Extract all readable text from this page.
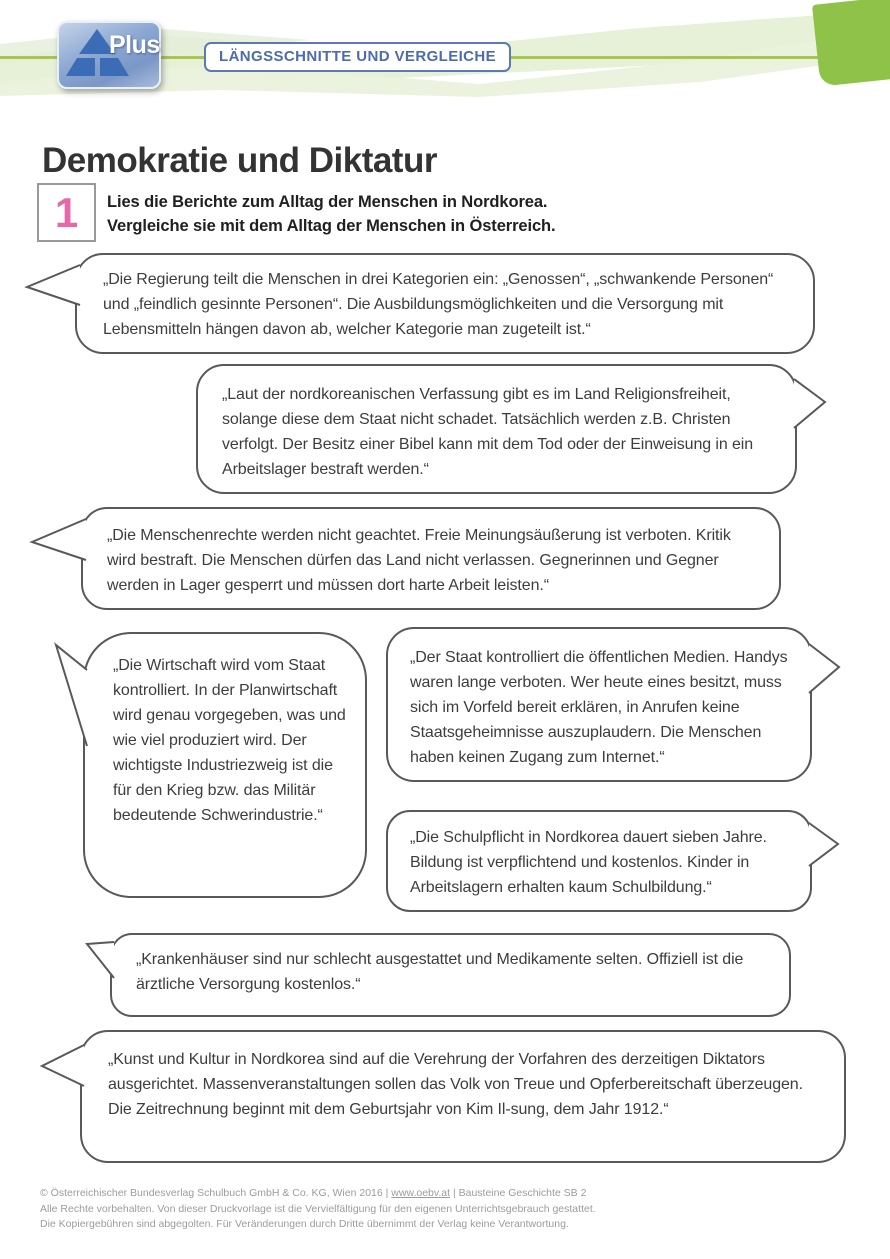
Plus	LÄNGSSCHNITTE UND VERGLEICHE
Demokratie und Diktatur
1 Lies die Berichte zum Alltag der Menschen in Nordkorea.
Vergleiche sie mit dem Alltag der Menschen in Österreich.
„Die Regierung teilt die Menschen in drei Kategorien ein: „Genossen“, „schwankende Personen“ und „feindlich gesinnte Personen“. Die Ausbildungsmöglichkeiten und die Versorgung mit Lebensmitteln hängen davon ab, welcher Kategorie man zugeteilt ist.“
„Laut der nordkoreanischen Verfassung gibt es im Land Religionsfreiheit, solange diese dem Staat nicht schadet. Tatsächlich werden z.B. Christen verfolgt. Der Besitz einer Bibel kann mit dem Tod oder der Einweisung in ein Arbeitslager bestraft werden.“
„Die Menschenrechte werden nicht geachtet. Freie Meinungsäußerung ist verboten. Kritik wird bestraft. Die Menschen dürfen das Land nicht verlassen. Gegnerinnen und Gegner werden in Lager gesperrt und müssen dort harte Arbeit leisten.“
„Die Wirtschaft wird vom Staat kontrolliert. In der Planwirtschaft wird genau vorgegeben, was und wie viel produziert wird. Der wichtigste Industriezweig ist die für den Krieg bzw. das Militär bedeutende Schwerindustrie.“
„Der Staat kontrolliert die öffentlichen Medien. Handys waren lange verboten. Wer heute eines besitzt, muss sich im Vorfeld bereit erklären, in Anrufen keine Staatsgeheimnisse auszuplaudern. Die Menschen haben keinen Zugang zum Internet.“
„Die Schulpflicht in Nordkorea dauert sieben Jahre. Bildung ist verpflichtend und kostenlos. Kinder in Arbeitslagern erhalten kaum Schulbildung.“
„Krankenhäuser sind nur schlecht ausgestattet und Medikamente selten. Offiziell ist die ärztliche Versorgung kostenlos.“
„Kunst und Kultur in Nordkorea sind auf die Verehrung der Vorfahren des derzeitigen Diktators ausgerichtet. Massenveranstaltungen sollen das Volk von Treue und Opferbereitschaft überzeugen. Die Zeitrechnung beginnt mit dem Geburtsjahr von Kim Il-sung, dem Jahr 1912.“
© Österreichischer Bundesverlag Schulbuch GmbH & Co. KG, Wien 2016 | www.oebv.at | Bausteine Geschichte SB 2
Alle Rechte vorbehalten. Von dieser Druckvorlage ist die Vervielfältigung für den eigenen Unterrichtsgebrauch gestattet.
Die Kopiergebühren sind abgegolten. Für Veränderungen durch Dritte übernimmt der Verlag keine Verantwortung.
